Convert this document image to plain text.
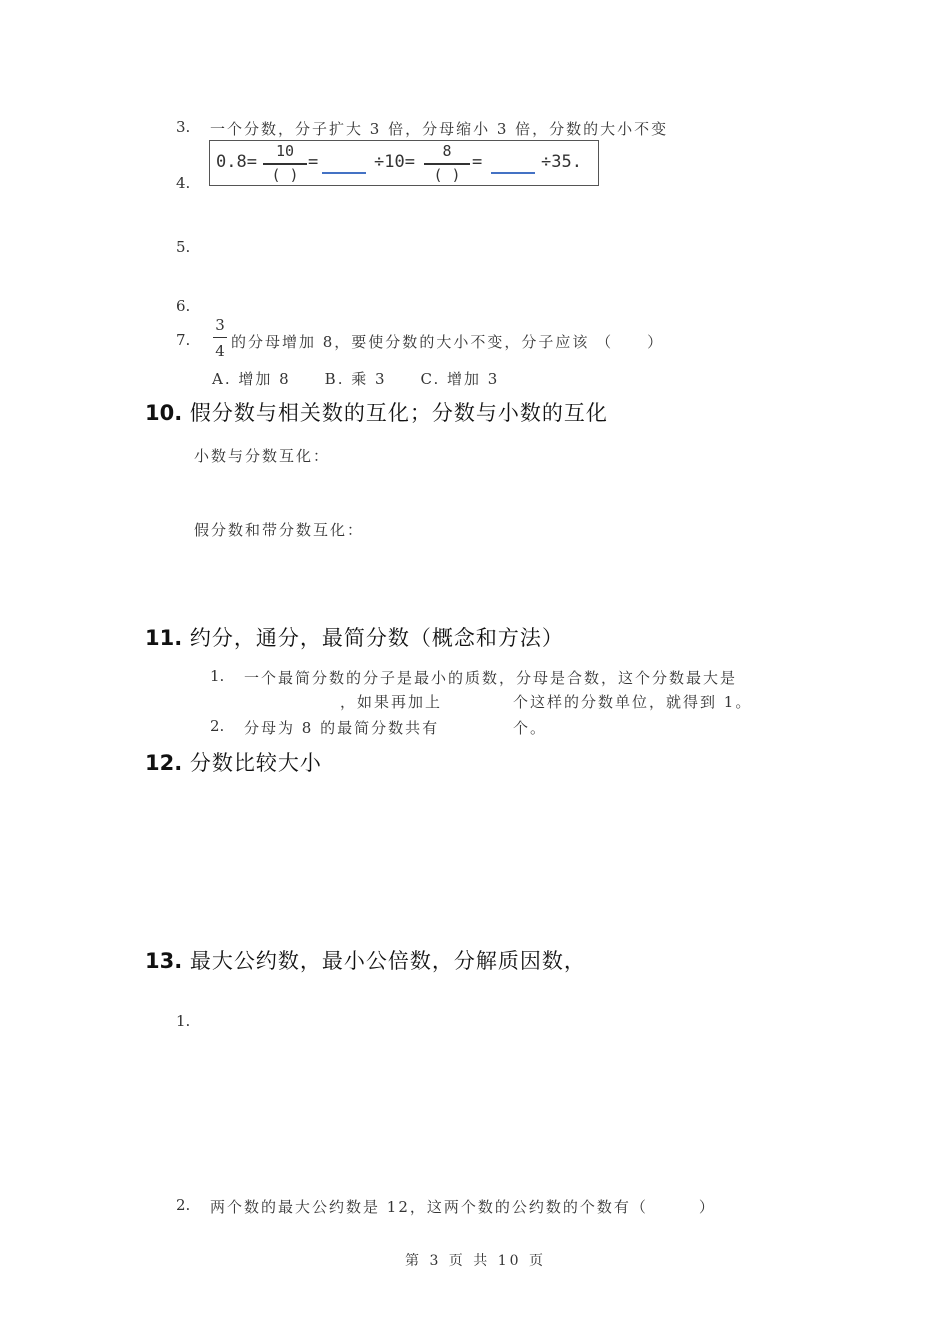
3. 一个分数，分子扩大 3 倍，分母缩小 3 倍，分数的大小不变
4.
0.8=
10
( )
=	÷10=
8
( )
=	÷35.
5.
6.
7.
3
4 的分母增加 8，要使分数的大小不变，分子应该 （　　）
A. 增加 8　　B. 乘 3　　C. 增加 3
10. 假分数与相关数的互化；分数与小数的互化
小数与分数互化：
假分数和带分数互化：
11. 约分，通分，最简分数（概念和方法）
1. 一个最简分数的分子是最小的质数，分母是合数，这个分数最大是
，如果再加上	个这样的分数单位，就得到 1。
2. 分母为 8 的最简分数共有	个。
12. 分数比较大小
13. 最大公约数，最小公倍数，分解质因数，
1.
2. 两个数的最大公约数是 12，这两个数的公约数的个数有（　　　）
第 3 页 共 10 页
